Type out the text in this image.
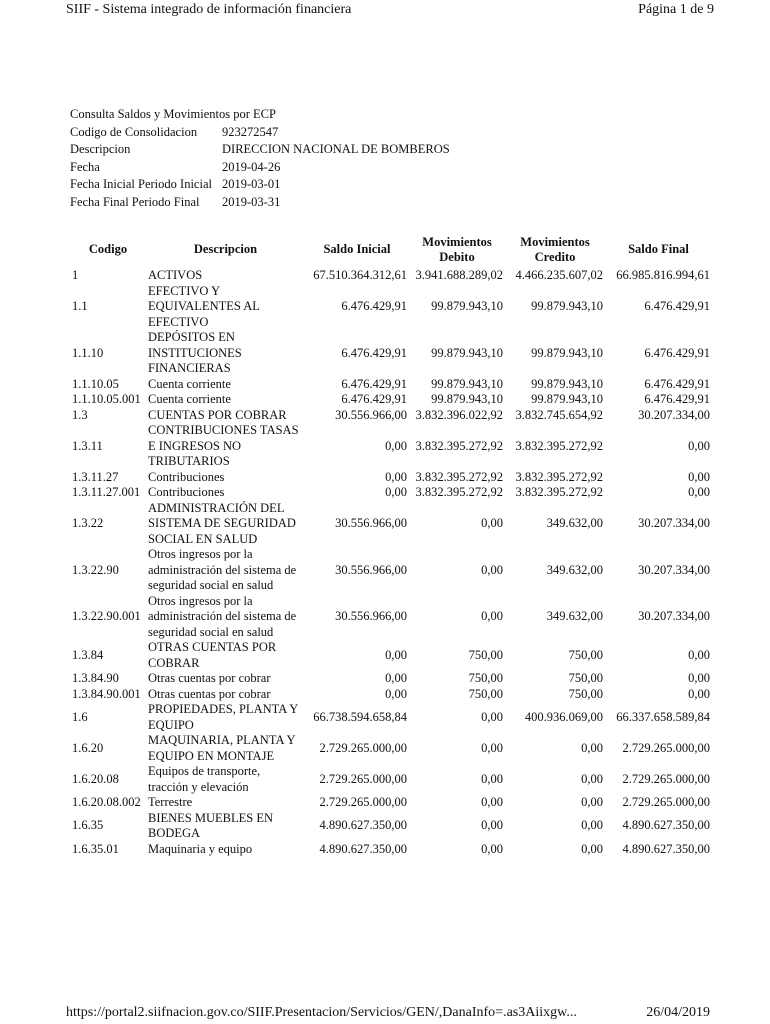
SIIF - Sistema integrado de información financiera	Página 1 de 9
Consulta Saldos y Movimientos por ECP
Codigo de Consolidacion	923272547
Descripcion	DIRECCION NACIONAL DE BOMBEROS
Fecha	2019-04-26
Fecha Inicial Periodo Inicial 2019-03-01
Fecha Final Periodo Final	2019-03-31
Codigo	Descripcion	Saldo Inicial	Movimientos Debito	Movimientos Credito	Saldo Final
1	ACTIVOS	67.510.364.312,61	3.941.688.289,02	4.466.235.607,02	66.985.816.994,61
1.1	EFECTIVO Y EQUIVALENTES AL EFECTIVO	6.476.429,91	99.879.943,10	99.879.943,10	6.476.429,91
1.1.10	DEPÓSITOS EN INSTITUCIONES FINANCIERAS	6.476.429,91	99.879.943,10	99.879.943,10	6.476.429,91
1.1.10.05	Cuenta corriente	6.476.429,91	99.879.943,10	99.879.943,10	6.476.429,91
1.1.10.05.001	Cuenta corriente	6.476.429,91	99.879.943,10	99.879.943,10	6.476.429,91
1.3	CUENTAS POR COBRAR	30.556.966,00	3.832.396.022,92	3.832.745.654,92	30.207.334,00
1.3.11	CONTRIBUCIONES TASAS E INGRESOS NO TRIBUTARIOS	0,00	3.832.395.272,92	3.832.395.272,92	0,00
1.3.11.27	Contribuciones	0,00	3.832.395.272,92	3.832.395.272,92	0,00
1.3.11.27.001	Contribuciones	0,00	3.832.395.272,92	3.832.395.272,92	0,00
1.3.22	ADMINISTRACIÓN DEL SISTEMA DE SEGURIDAD SOCIAL EN SALUD	30.556.966,00	0,00	349.632,00	30.207.334,00
1.3.22.90	Otros ingresos por la administración del sistema de seguridad social en salud	30.556.966,00	0,00	349.632,00	30.207.334,00
1.3.22.90.001	Otros ingresos por la administración del sistema de seguridad social en salud	30.556.966,00	0,00	349.632,00	30.207.334,00
1.3.84	OTRAS CUENTAS POR COBRAR	0,00	750,00	750,00	0,00
1.3.84.90	Otras cuentas por cobrar	0,00	750,00	750,00	0,00
1.3.84.90.001	Otras cuentas por cobrar	0,00	750,00	750,00	0,00
1.6	PROPIEDADES, PLANTA Y EQUIPO	66.738.594.658,84	0,00	400.936.069,00	66.337.658.589,84
1.6.20	MAQUINARIA, PLANTA Y EQUIPO EN MONTAJE	2.729.265.000,00	0,00	0,00	2.729.265.000,00
1.6.20.08	Equipos de transporte, tracción y elevación	2.729.265.000,00	0,00	0,00	2.729.265.000,00
1.6.20.08.002	Terrestre	2.729.265.000,00	0,00	0,00	2.729.265.000,00
1.6.35	BIENES MUEBLES EN BODEGA	4.890.627.350,00	0,00	0,00	4.890.627.350,00
1.6.35.01	Maquinaria y equipo	4.890.627.350,00	0,00	0,00	4.890.627.350,00
https://portal2.siifnacion.gov.co/SIIF.Presentacion/Servicios/GEN/,DanaInfo=.as3Aiixgw...	26/04/2019
